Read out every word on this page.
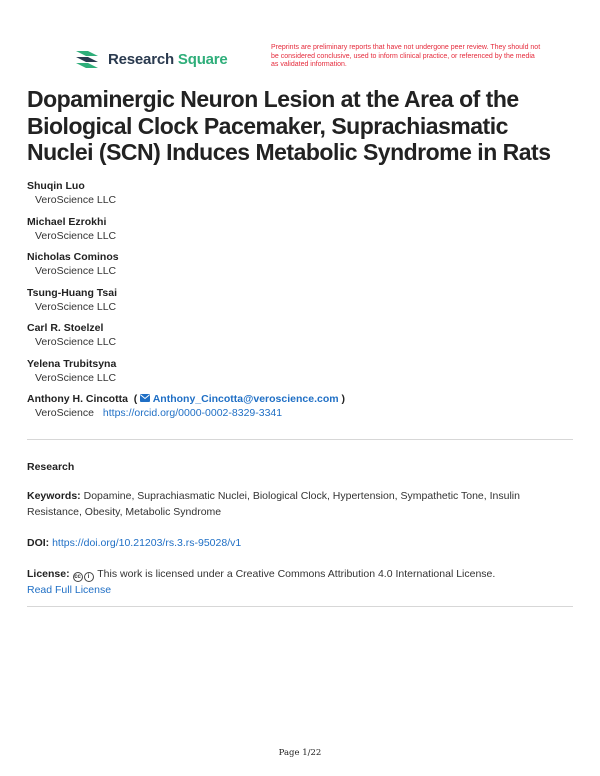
Research Square
Preprints are preliminary reports that have not undergone peer review. They should not be considered conclusive, used to inform clinical practice, or referenced by the media as validated information.
Dopaminergic Neuron Lesion at the Area of the Biological Clock Pacemaker, Suprachiasmatic Nuclei (SCN) Induces Metabolic Syndrome in Rats
Shuqin Luo
VeroScience LLC
Michael Ezrokhi
VeroScience LLC
Nicholas Cominos
VeroScience LLC
Tsung-Huang Tsai
VeroScience LLC
Carl R. Stoelzel
VeroScience LLC
Yelena Trubitsyna
VeroScience LLC
Anthony H. Cincotta  ( Anthony_Cincotta@veroscience.com )
VeroScience https://orcid.org/0000-0002-8329-3341
Research
Keywords: Dopamine, Suprachiasmatic Nuclei, Biological Clock, Hypertension, Sympathetic Tone, Insulin Resistance, Obesity, Metabolic Syndrome
DOI: https://doi.org/10.21203/rs.3.rs-95028/v1
License: cc i This work is licensed under a Creative Commons Attribution 4.0 International License.
Read Full License
Page 1/22
